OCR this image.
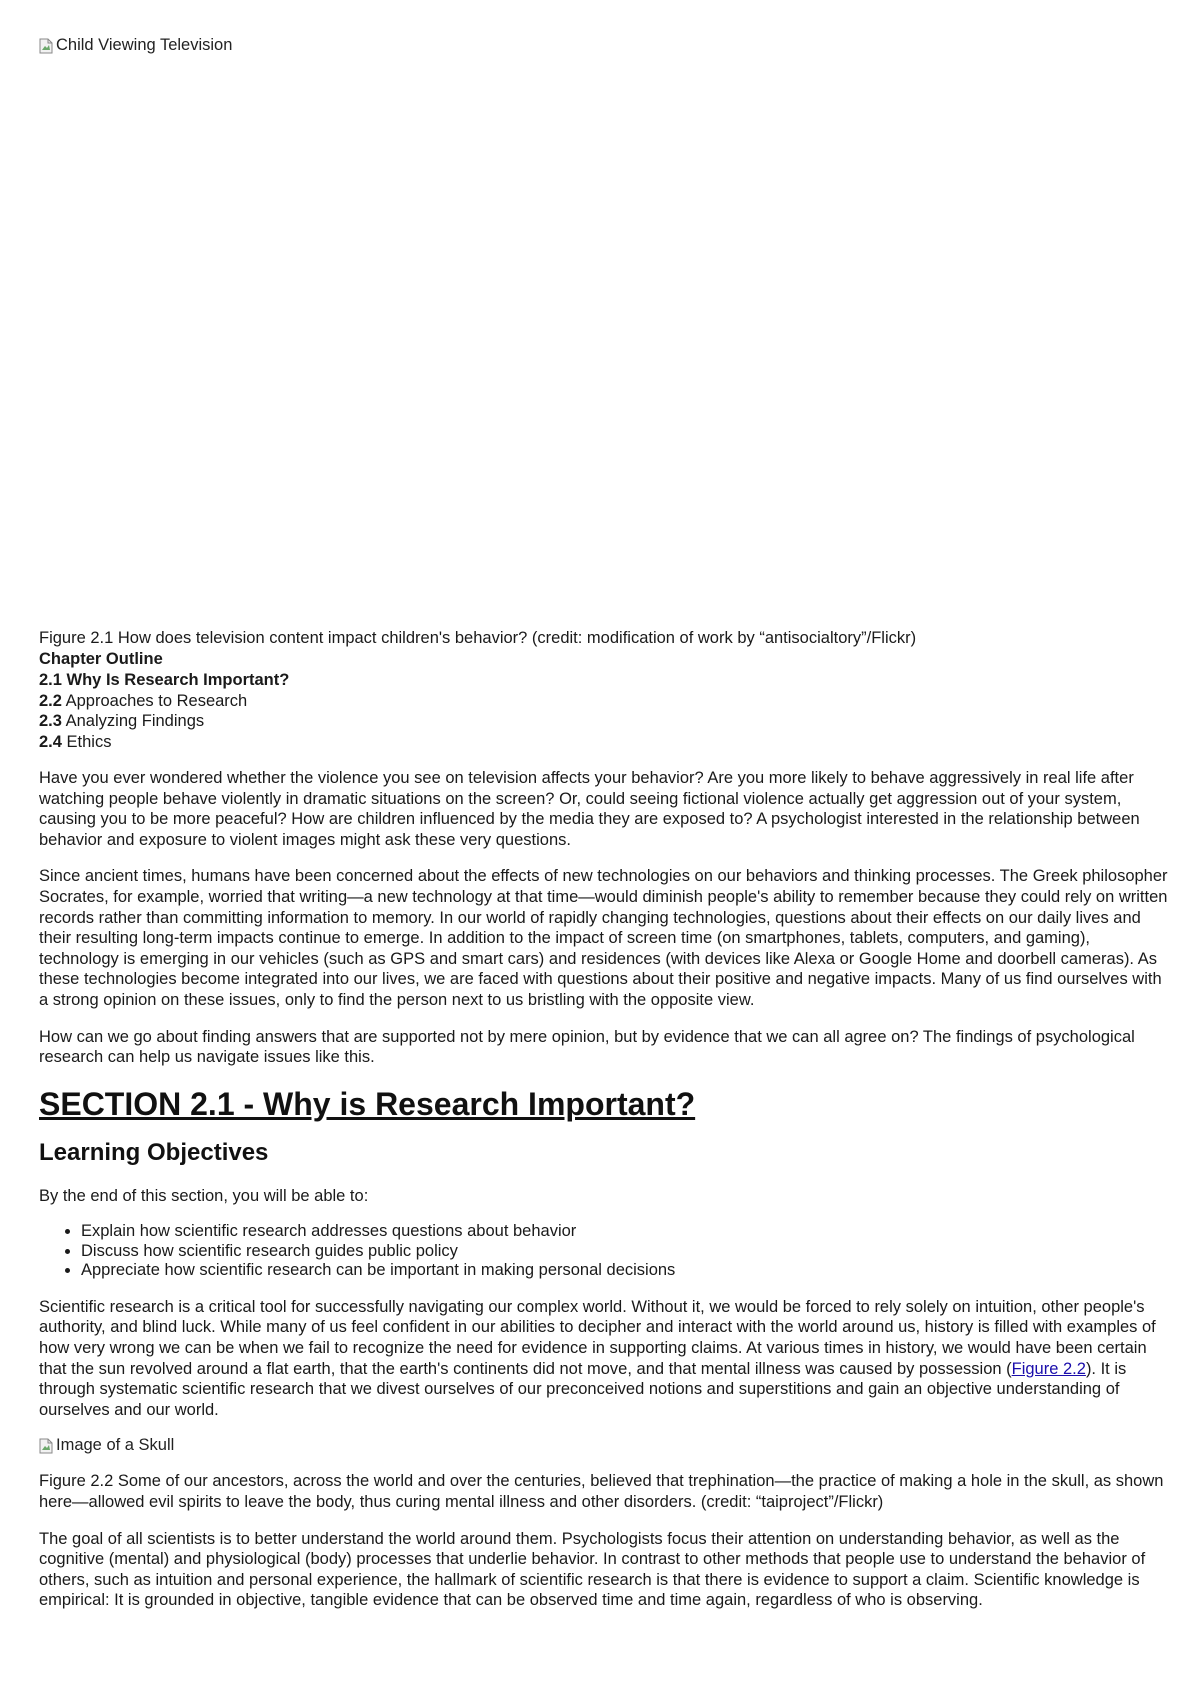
Child Viewing Television

Figure 2.1 How does television content impact children's behavior? (credit: modification of work by “antisocialtory”/Flickr)

Chapter Outline

2.1 Why Is Research Important?

2.2 Approaches to Research

2.3 Analyzing Findings

2.4 Ethics

Have you ever wondered whether the violence you see on television affects your behavior? Are you more likely to behave aggressively in real life after watching people behave violently in dramatic situations on the screen? Or, could seeing fictional violence actually get aggression out of your system, causing you to be more peaceful? How are children influenced by the media they are exposed to? A psychologist interested in the relationship between behavior and exposure to violent images might ask these very questions.

Since ancient times, humans have been concerned about the effects of new technologies on our behaviors and thinking processes. The Greek philosopher Socrates, for example, worried that writing—a new technology at that time—would diminish people's ability to remember because they could rely on written records rather than committing information to memory. In our world of rapidly changing technologies, questions about their effects on our daily lives and their resulting long-term impacts continue to emerge. In addition to the impact of screen time (on smartphones, tablets, computers, and gaming), technology is emerging in our vehicles (such as GPS and smart cars) and residences (with devices like Alexa or Google Home and doorbell cameras). As these technologies become integrated into our lives, we are faced with questions about their positive and negative impacts. Many of us find ourselves with a strong opinion on these issues, only to find the person next to us bristling with the opposite view.

How can we go about finding answers that are supported not by mere opinion, but by evidence that we can all agree on? The findings of psychological research can help us navigate issues like this.

SECTION 2.1 - Why is Research Important?
Learning Objectives

By the end of this section, you will be able to:

• Explain how scientific research addresses questions about behavior
• Discuss how scientific research guides public policy
• Appreciate how scientific research can be important in making personal decisions

Scientific research is a critical tool for successfully navigating our complex world. Without it, we would be forced to rely solely on intuition, other people's authority, and blind luck. While many of us feel confident in our abilities to decipher and interact with the world around us, history is filled with examples of how very wrong we can be when we fail to recognize the need for evidence in supporting claims. At various times in history, we would have been certain that the sun revolved around a flat earth, that the earth's continents did not move, and that mental illness was caused by possession (Figure 2.2). It is through systematic scientific research that we divest ourselves of our preconceived notions and superstitions and gain an objective understanding of ourselves and our world.

Image of a Skull

Figure 2.2 Some of our ancestors, across the world and over the centuries, believed that trephination—the practice of making a hole in the skull, as shown here—allowed evil spirits to leave the body, thus curing mental illness and other disorders. (credit: “taiproject”/Flickr)

The goal of all scientists is to better understand the world around them. Psychologists focus their attention on understanding behavior, as well as the cognitive (mental) and physiological (body) processes that underlie behavior. In contrast to other methods that people use to understand the behavior of others, such as intuition and personal experience, the hallmark of scientific research is that there is evidence to support a claim. Scientific knowledge is empirical: It is grounded in objective, tangible evidence that can be observed time and time again, regardless of who is observing.
